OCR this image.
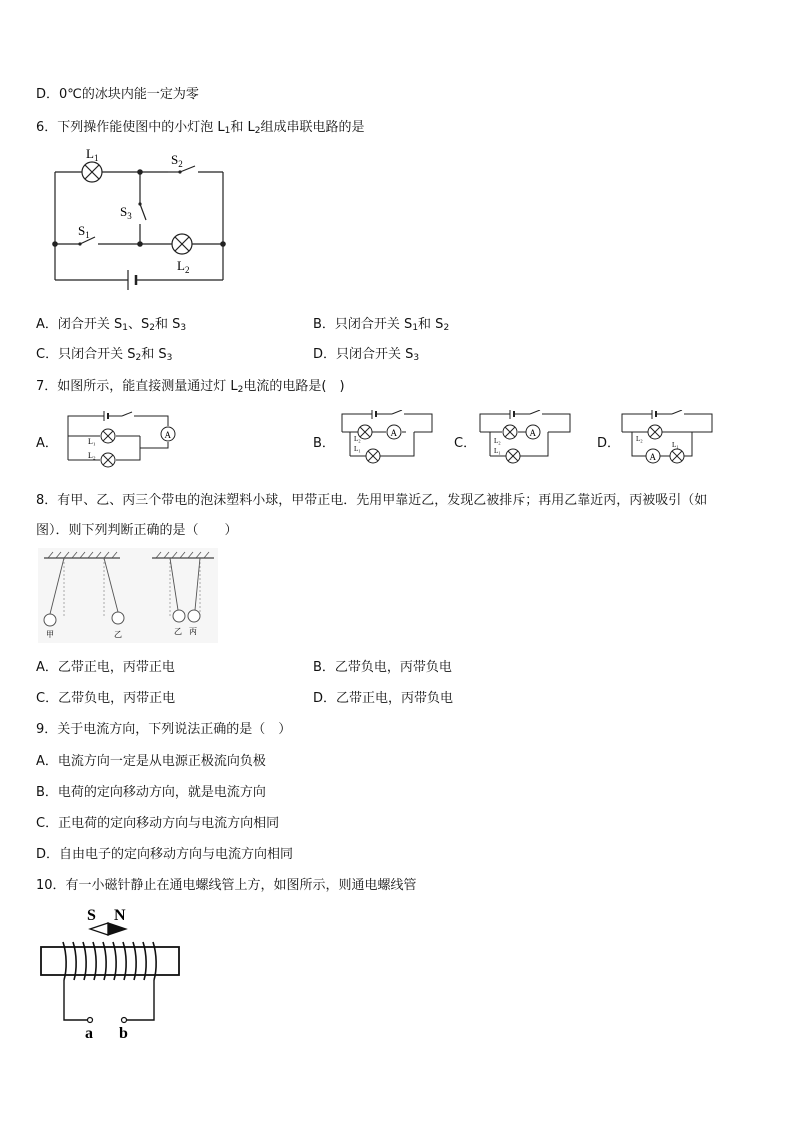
D．0℃的冰块内能一定为零
6．下列操作能使图中的小灯泡 $L_1$和 $L_2$组成串联电路的是
$L_1$	$S_2$
$S_3$
$S_1$
$L_2$
A．闭合开关 $S_1$、$S_2$和 $S_3$	B．只闭合开关 $S_1$和 $S_2$
C．只闭合开关 $S_2$和 $S_3$	D．只闭合开关 $S_3$
7．如图所示，能直接测量通过灯 $L_2$电流的电路是(　)
A．	B．	C．	D．
A
L₁
L₂
A
L₂
L₁
A
L₂
L₁
A
L₂
L₁
8．有甲、乙、丙三个带电的泡沫塑料小球，甲带正电．先用甲靠近乙，发现乙被排斥；再用乙靠近丙，丙被吸引（如
图）．则下列判断正确的是（　　）
甲	乙	乙 丙
A．乙带正电，丙带正电	B．乙带负电，丙带负电
C．乙带负电，丙带正电	D．乙带正电，丙带负电
9．关于电流方向，下列说法正确的是（　）
A．电流方向一定是从电源正极流向负极
B．电荷的定向移动方向，就是电流方向
C．正电荷的定向移动方向与电流方向相同
D．自由电子的定向移动方向与电流方向相同
10．有一小磁针静止在通电螺线管上方，如图所示，则通电螺线管
S N
a b
